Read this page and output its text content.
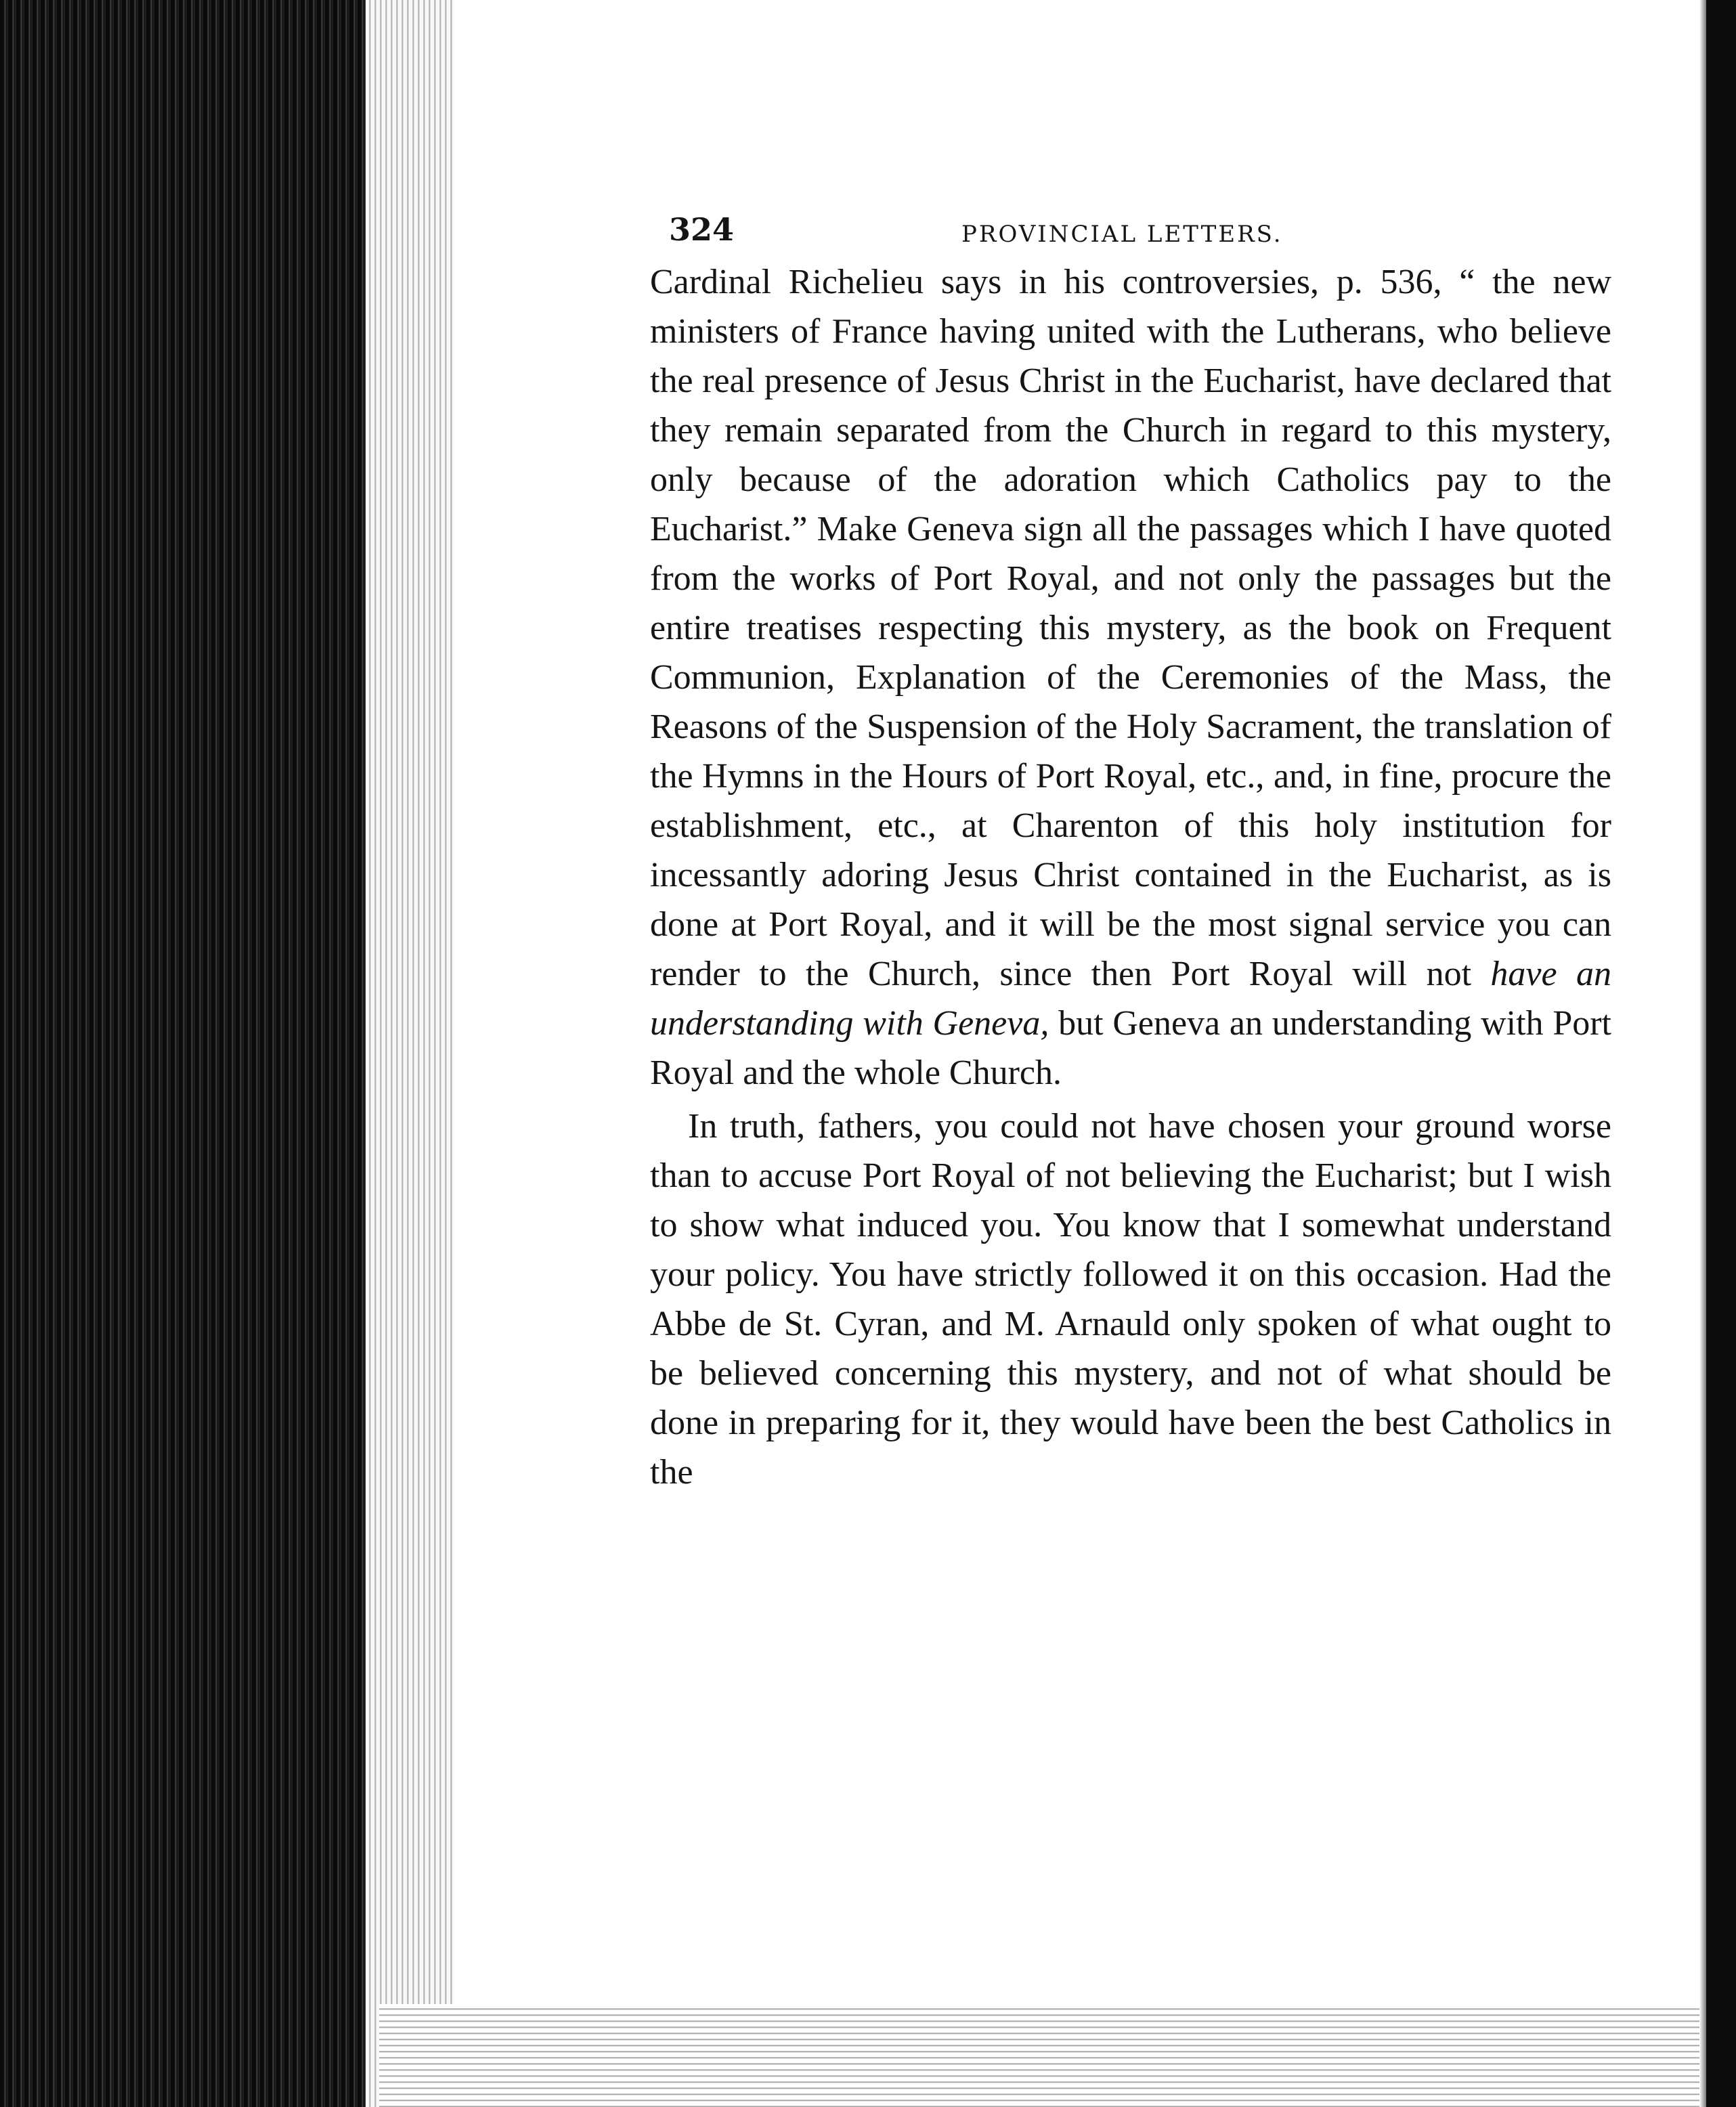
324	PROVINCIAL LETTERS.

Cardinal Richelieu says in his controversies, p. 536, “ the new ministers of France having united with the Lutherans, who believe the real presence of Jesus Christ in the Eucharist, have declared that they remain separated from the Church in regard to this mystery, only because of the adoration which Catholics pay to the Eucharist.” Make Geneva sign all the passages which I have quoted from the works of Port Royal, and not only the passages but the entire treatises respecting this mystery, as the book on Frequent Communion, Explanation of the Ceremonies of the Mass, the Reasons of the Suspension of the Holy Sacrament, the translation of the Hymns in the Hours of Port Royal, etc., and, in fine, procure the establishment, etc., at Charenton of this holy institution for incessantly adoring Jesus Christ contained in the Eucharist, as is done at Port Royal, and it will be the most signal service you can render to the Church, since then Port Royal will not have an understanding with Geneva, but Geneva an understanding with Port Royal and the whole Church.

In truth, fathers, you could not have chosen your ground worse than to accuse Port Royal of not believing the Eucharist; but I wish to show what induced you. You know that I somewhat understand your policy. You have strictly followed it on this occasion. Had the Abbe de St. Cyran, and M. Arnauld only spoken of what ought to be believed concerning this mystery, and not of what should be done in preparing for it, they would have been the best Catholics in the
